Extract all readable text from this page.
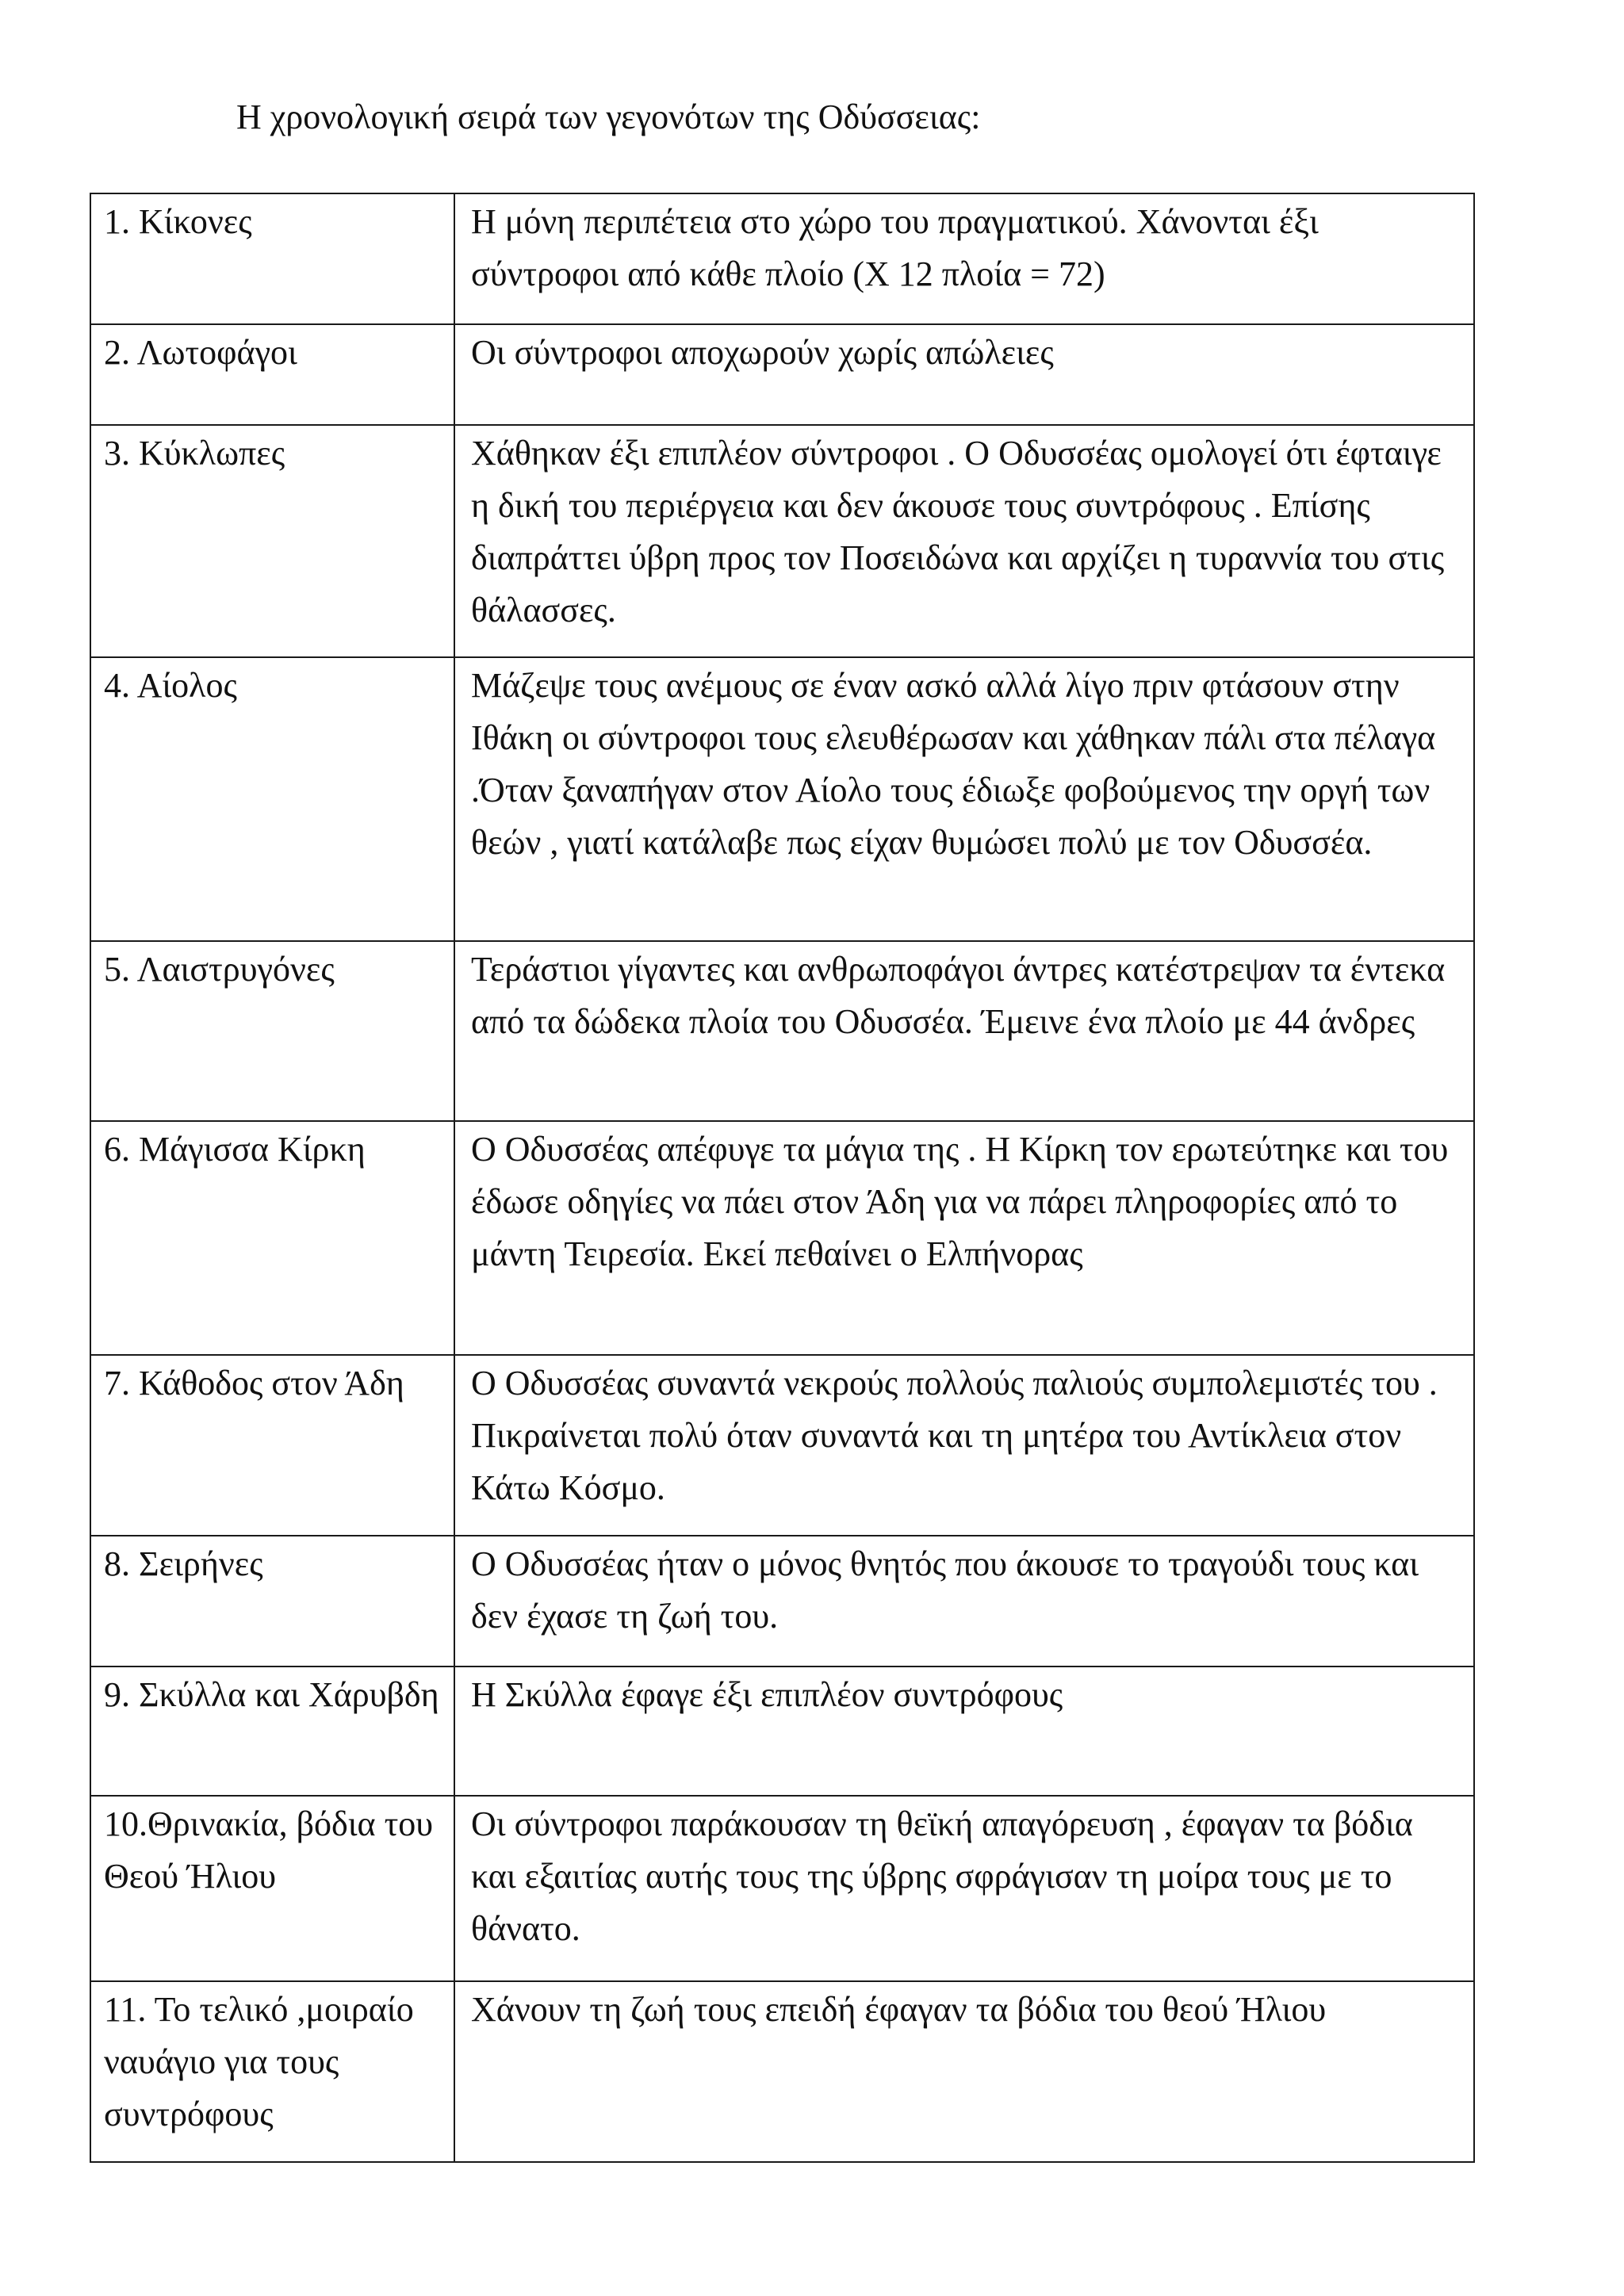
Η χρονολογική σειρά των γεγονότων της Οδύσσειας:
1. Κίκονες	Η μόνη περιπέτεια στο χώρο του πραγματικού. Χάνονται έξι σύντροφοι από κάθε πλοίο (Χ 12 πλοία = 72)
2. Λωτοφάγοι	Οι σύντροφοι αποχωρούν χωρίς απώλειες
3. Κύκλωπες	Χάθηκαν έξι επιπλέον σύντροφοι . Ο Οδυσσέας ομολογεί ότι έφταιγε η δική του περιέργεια και δεν άκουσε τους συντρόφους . Επίσης διαπράττει ύβρη προς τον Ποσειδώνα και αρχίζει η τυραννία του στις θάλασσες.
4. Αίολος	Μάζεψε τους ανέμους σε έναν ασκό αλλά λίγο πριν φτάσουν στην Ιθάκη οι σύντροφοι τους ελευθέρωσαν και χάθηκαν πάλι στα πέλαγα .Όταν ξαναπήγαν στον Αίολο τους έδιωξε φοβούμενος την οργή των θεών , γιατί κατάλαβε πως είχαν θυμώσει πολύ με τον Οδυσσέα.
5. Λαιστρυγόνες	Τεράστιοι γίγαντες και ανθρωποφάγοι άντρες κατέστρεψαν τα έντεκα από τα δώδεκα πλοία του Οδυσσέα. Έμεινε ένα πλοίο με 44 άνδρες
6. Μάγισσα Κίρκη	Ο Οδυσσέας απέφυγε τα μάγια της . Η Κίρκη τον ερωτεύτηκε και του έδωσε οδηγίες να πάει στον Άδη για να πάρει πληροφορίες από το μάντη Τειρεσία. Εκεί πεθαίνει ο Ελπήνορας
7. Κάθοδος στον Άδη	Ο Οδυσσέας συναντά νεκρούς πολλούς παλιούς συμπολεμιστές του . Πικραίνεται πολύ όταν συναντά και τη μητέρα του Αντίκλεια στον Κάτω Κόσμο.
8. Σειρήνες	Ο Οδυσσέας ήταν ο μόνος θνητός που άκουσε το τραγούδι τους και δεν έχασε τη ζωή του.
9. Σκύλλα και Χάρυβδη	Η Σκύλλα έφαγε έξι επιπλέον συντρόφους
10.Θρινακία, βόδια του Θεού Ήλιου	Οι σύντροφοι παράκουσαν τη θεϊκή απαγόρευση , έφαγαν τα βόδια και εξαιτίας αυτής τους της ύβρης σφράγισαν τη μοίρα τους με το θάνατο.
11. Το τελικό ,μοιραίο ναυάγιο για τους συντρόφους	Χάνουν τη ζωή τους επειδή έφαγαν τα βόδια του θεού Ήλιου
